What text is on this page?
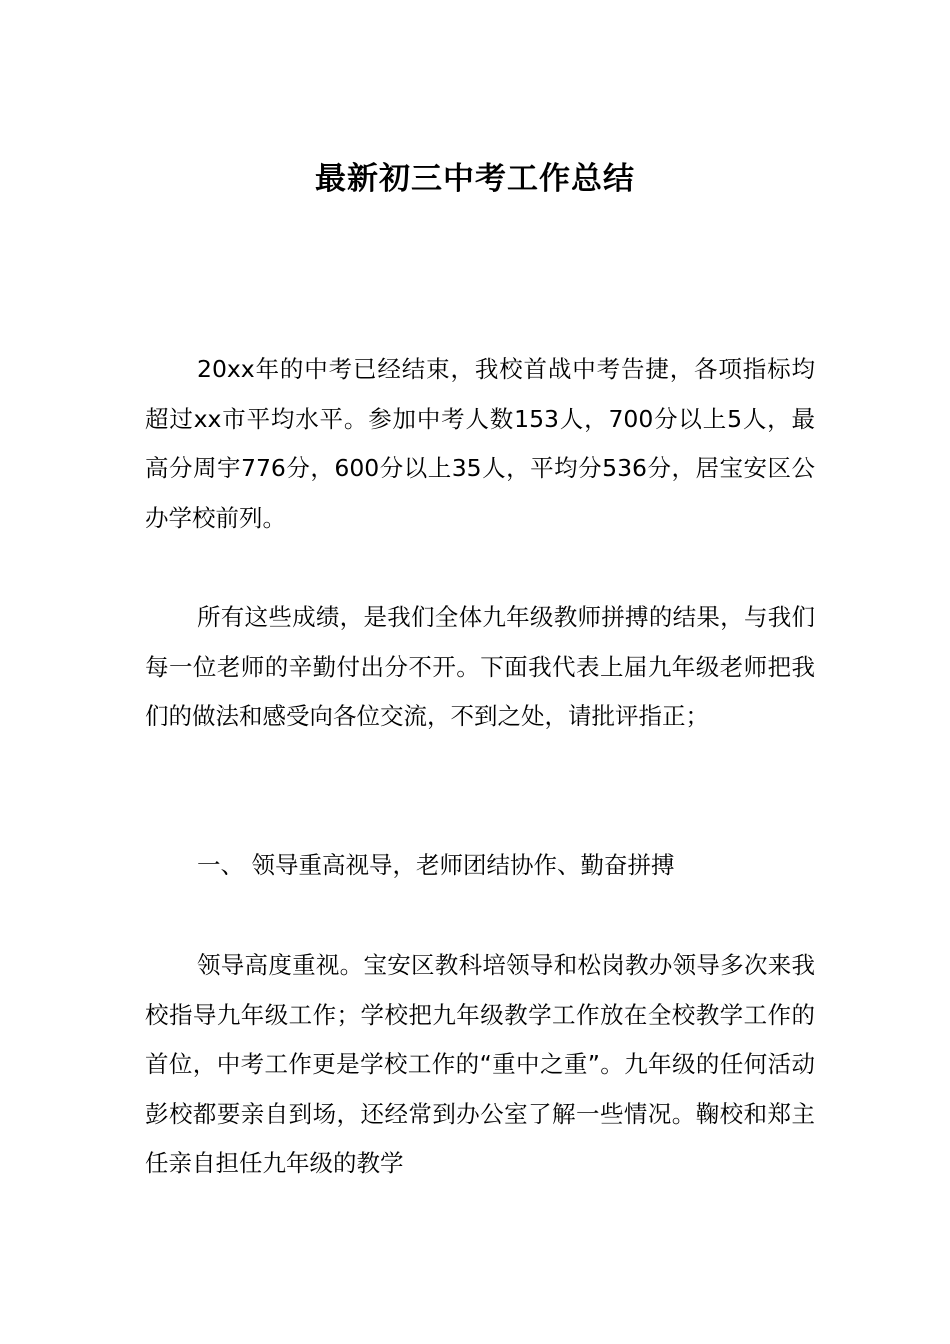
最新初三中考工作总结

20xx年的中考已经结束，我校首战中考告捷，各项指标均超过xx市平均水平。参加中考人数153人，700分以上5人，最高分周宇776分，600分以上35人，平均分536分，居宝安区公办学校前列。

所有这些成绩，是我们全体九年级教师拼搏的结果，与我们每一位老师的辛勤付出分不开。下面我代表上届九年级老师把我们的做法和感受向各位交流，不到之处，请批评指正；

一、 领导重高视导，老师团结协作、勤奋拼搏

领导高度重视。宝安区教科培领导和松岗教办领导多次来我校指导九年级工作；学校把九年级教学工作放在全校教学工作的首位，中考工作更是学校工作的“重中之重”。九年级的任何活动彭校都要亲自到场，还经常到办公室了解一些情况。鞠校和郑主任亲自担任九年级的教学
